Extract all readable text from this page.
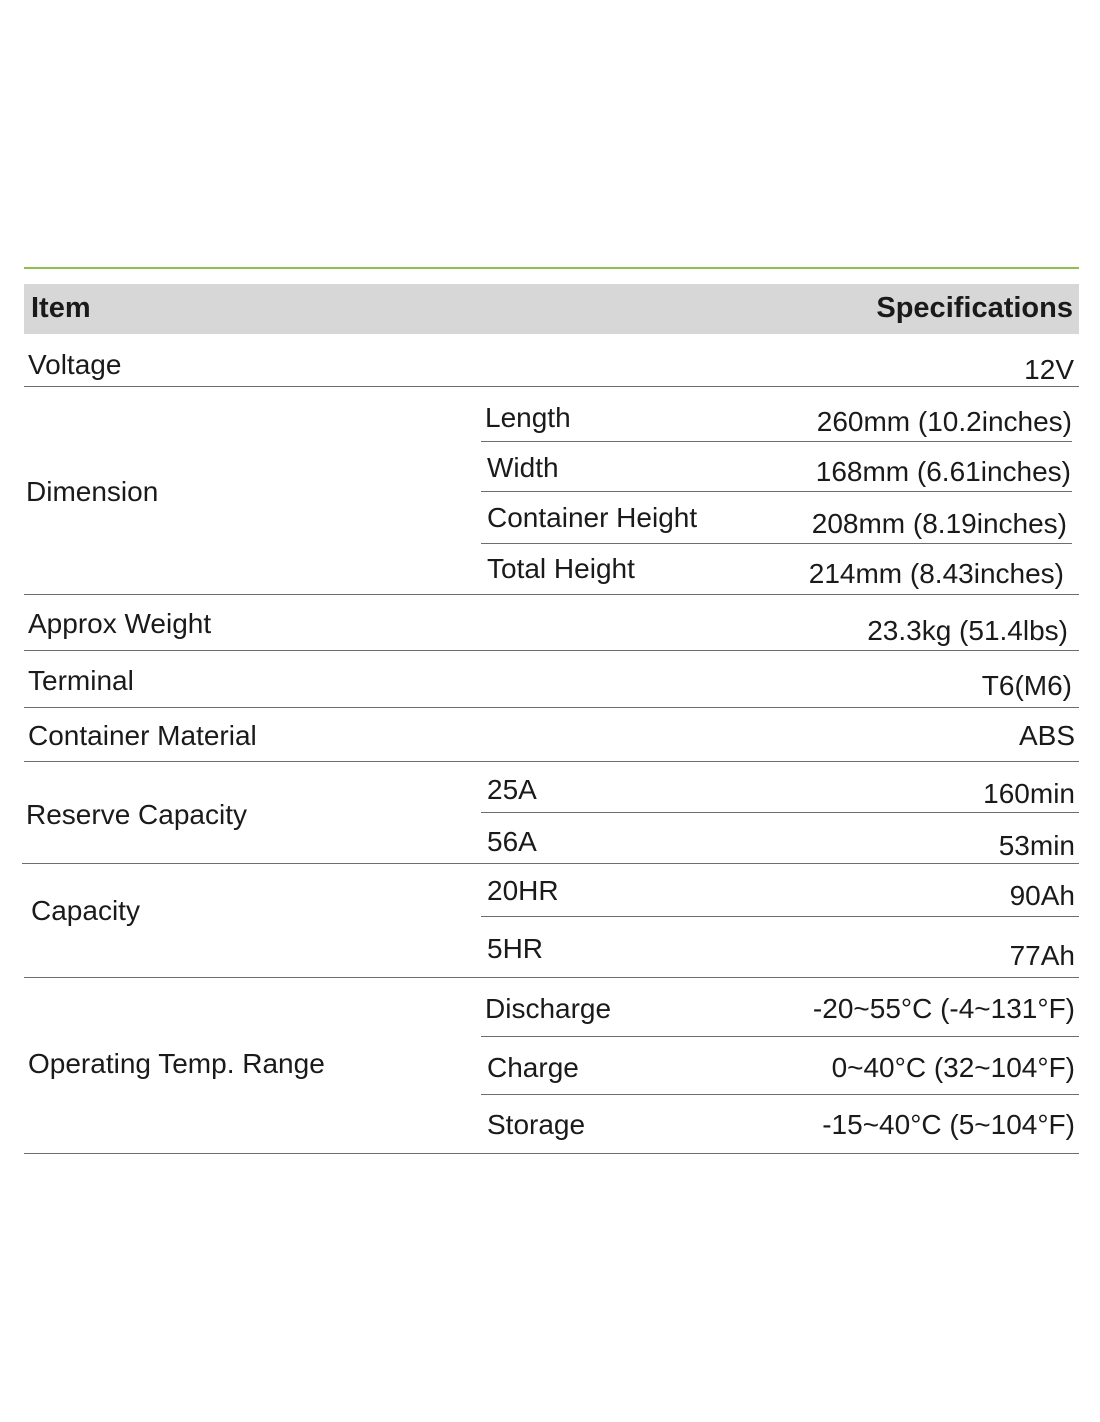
Item	Specifications
Voltage	12V
Dimension
Length	260mm (10.2inches)
Width	168mm (6.61inches)
Container Height	208mm (8.19inches)
Total Height	214mm (8.43inches)
Approx Weight	23.3kg (51.4lbs)
Terminal	T6(M6)
Container Material	ABS
Reserve Capacity
25A	160min
56A	53min
Capacity
20HR	90Ah
5HR	77Ah
Operating Temp. Range
Discharge	-20~55°C (-4~131°F)
Charge	0~40°C (32~104°F)
Storage	-15~40°C (5~104°F)
